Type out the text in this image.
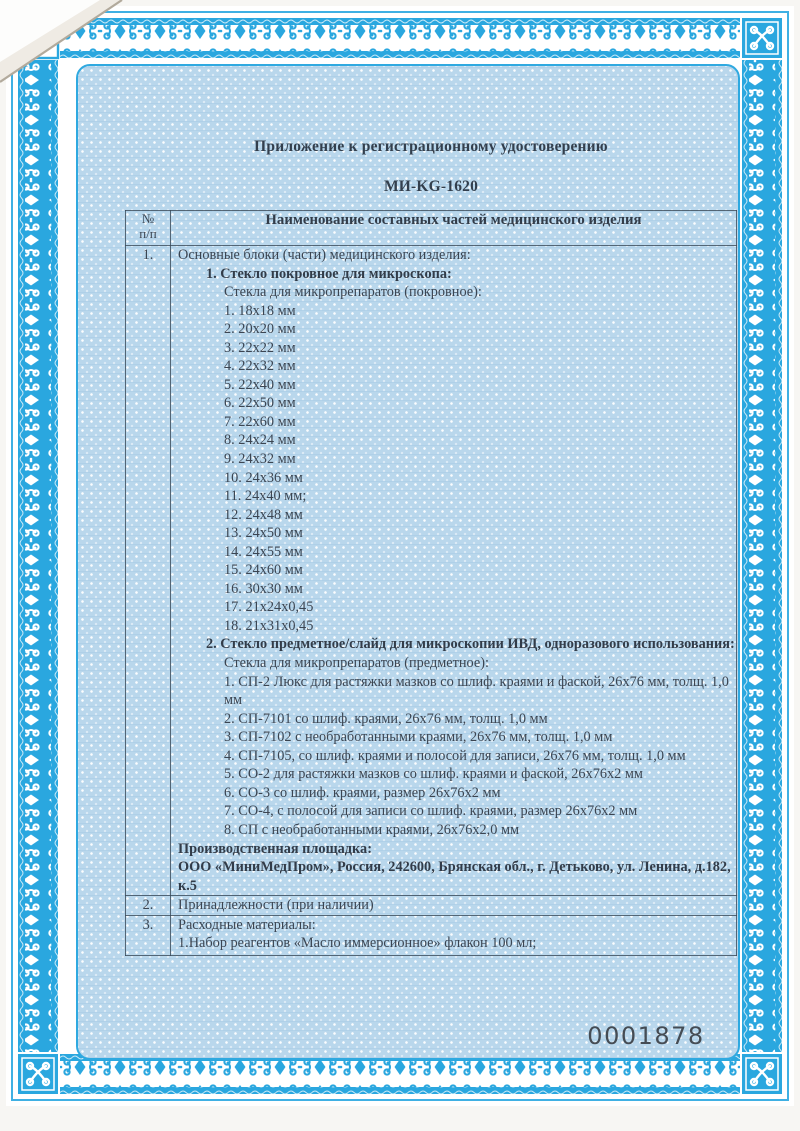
Приложение к регистрационному удостоверению
МИ-KG-1620
№
п/п	Наименование составных частей медицинского изделия
1.	Основные блоки (части) медицинского изделия:
1. Стекло покровное для микроскопа:
Стекла для микропрепаратов (покровное):
1. 18х18 мм
2. 20х20 мм
3. 22х22 мм
4. 22х32 мм
5. 22х40 мм
6. 22х50 мм
7. 22х60 мм
8. 24х24 мм
9. 24х32 мм
10. 24х36 мм
11. 24х40 мм;
12. 24х48 мм
13. 24х50 мм
14. 24х55 мм
15. 24х60 мм
16. 30х30 мм
17. 21х24х0,45
18. 21х31х0,45
2. Стекло предметное/слайд для микроскопии ИВД, одноразового использования:
Стекла для микропрепаратов (предметное):
1. СП-2 Люкс для растяжки мазков со шлиф. краями и фаской, 26х76 мм, толщ. 1,0 мм
2. СП-7101 со шлиф. краями, 26х76 мм, толщ. 1,0 мм
3. СП-7102 с необработанными краями, 26х76 мм, толщ. 1,0 мм
4. СП-7105, со шлиф. краями и полосой для записи, 26х76 мм, толщ. 1,0 мм
5. СО-2 для растяжки мазков со шлиф. краями и фаской, 26х76х2 мм
6. СО-3 со шлиф. краями, размер 26х76х2 мм
7. СО-4, с полосой для записи со шлиф. краями, размер 26х76х2 мм
8. СП с необработанными краями, 26х76х2,0 мм
Производственная площадка:
ООО «МиниМедПром», Россия, 242600, Брянская обл., г. Детьково, ул. Ленина, д.182, к.5

2.	Принадлежности (при наличии)

3.	Расходные материалы:
1.Набор реагентов «Масло иммерсионное» флакон 100 мл;
0001878
